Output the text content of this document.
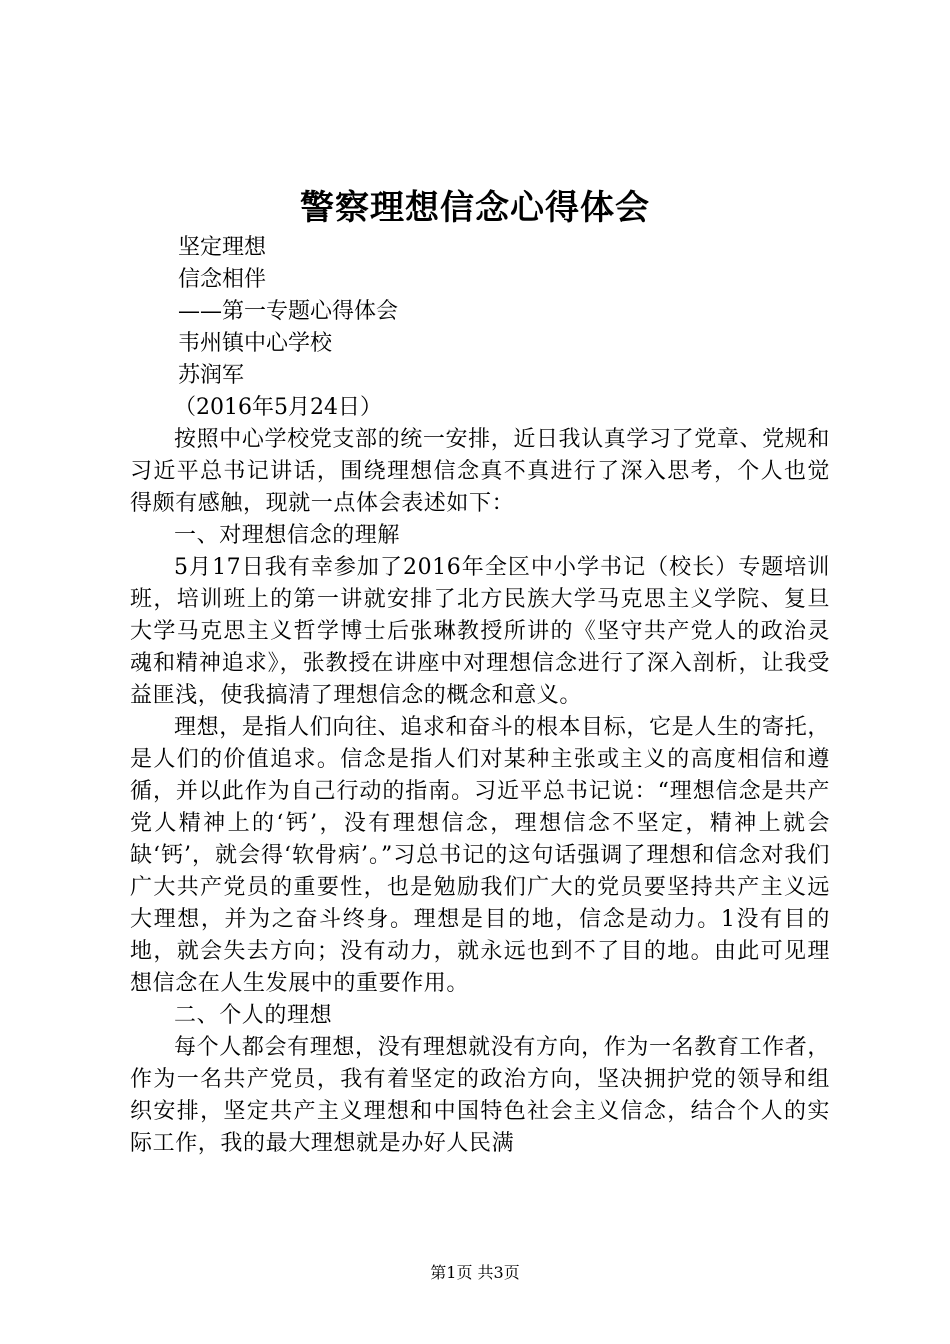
警察理想信念心得体会
坚定理想
信念相伴
——第一专题心得体会
韦州镇中心学校
苏润军
（2016年5月24日）
按照中心学校党支部的统一安排，近日我认真学习了党章、党规和习近平总书记讲话，围绕理想信念真不真进行了深入思考，个人也觉得颇有感触，现就一点体会表述如下：
一、对理想信念的理解
5月17日我有幸参加了2016年全区中小学书记（校长）专题培训班，培训班上的第一讲就安排了北方民族大学马克思主义学院、复旦大学马克思主义哲学博士后张琳教授所讲的《坚守共产党人的政治灵魂和精神追求》，张教授在讲座中对理想信念进行了深入剖析，让我受益匪浅，使我搞清了理想信念的概念和意义。
理想，是指人们向往、追求和奋斗的根本目标，它是人生的寄托，是人们的价值追求。信念是指人们对某种主张或主义的高度相信和遵循，并以此作为自己行动的指南。习近平总书记说：“理想信念是共产党人精神上的‘钙’，没有理想信念，理想信念不坚定，精神上就会缺‘钙’，就会得‘软骨病’。”习总书记的这句话强调了理想和信念对我们广大共产党员的重要性，也是勉励我们广大的党员要坚持共产主义远大理想，并为之奋斗终身。理想是目的地，信念是动力。1没有目的地，就会失去方向；没有动力，就永远也到不了目的地。由此可见理想信念在人生发展中的重要作用。
二、个人的理想
每个人都会有理想，没有理想就没有方向，作为一名教育工作者，作为一名共产党员，我有着坚定的政治方向，坚决拥护党的领导和组织安排，坚定共产主义理想和中国特色社会主义信念，结合个人的实际工作，我的最大理想就是办好人民满
第1页 共3页
